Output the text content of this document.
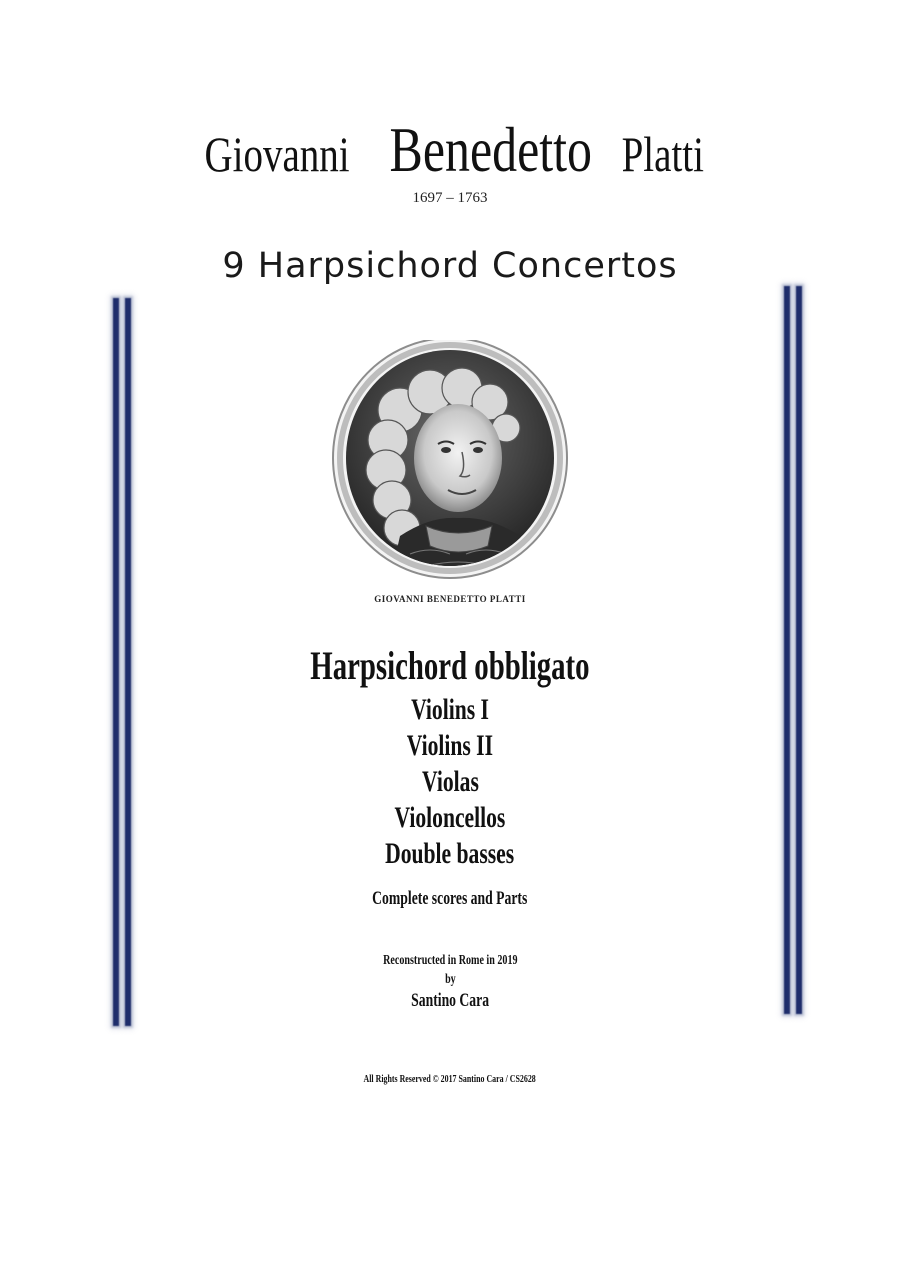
Giovanni Benedetto Platti
1697 – 1763
9 Harpsichord Concertos
GIOVANNI BENEDETTO PLATTI
Harpsichord obbligato
Violins I
Violins II
Violas
Violoncellos
Double basses
Complete scores and Parts
Reconstructed in Rome in 2019
by
Santino Cara
All Rights Reserved © 2017 Santino Cara / CS2628
